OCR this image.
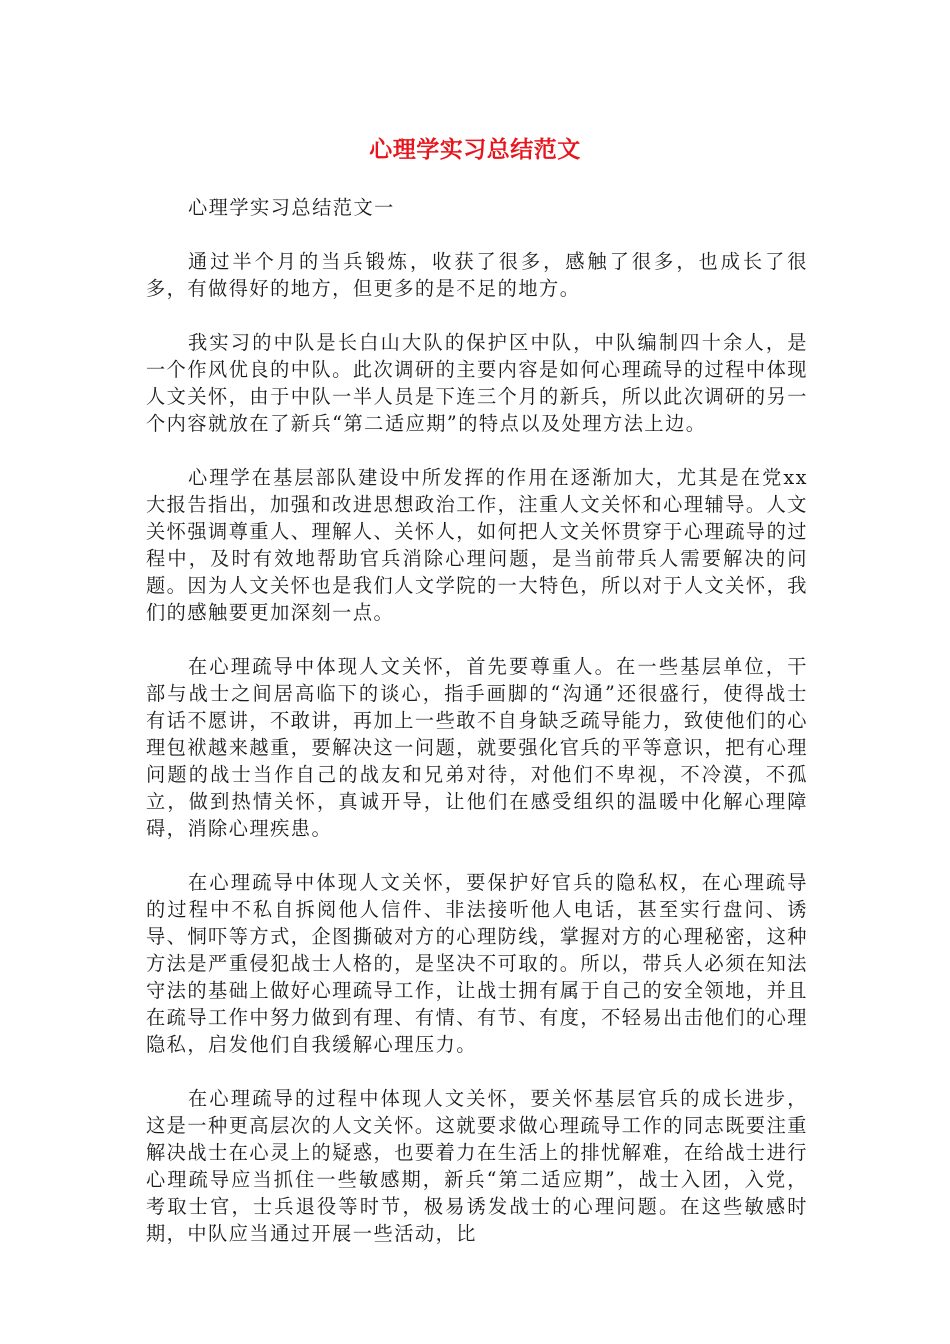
心理学实习总结范文

心理学实习总结范文一

通过半个月的当兵锻炼，收获了很多，感触了很多，也成长了很多，有做得好的地方，但更多的是不足的地方。

我实习的中队是长白山大队的保护区中队，中队编制四十余人，是一个作风优良的中队。此次调研的主要内容是如何心理疏导的过程中体现人文关怀，由于中队一半人员是下连三个月的新兵，所以此次调研的另一个内容就放在了新兵“第二适应期”的特点以及处理方法上边。

心理学在基层部队建设中所发挥的作用在逐渐加大，尤其是在党xx大报告指出，加强和改进思想政治工作，注重人文关怀和心理辅导。人文关怀强调尊重人、理解人、关怀人，如何把人文关怀贯穿于心理疏导的过程中，及时有效地帮助官兵消除心理问题，是当前带兵人需要解决的问题。因为人文关怀也是我们人文学院的一大特色，所以对于人文关怀，我们的感触要更加深刻一点。

在心理疏导中体现人文关怀，首先要尊重人。在一些基层单位，干部与战士之间居高临下的谈心，指手画脚的“沟通”还很盛行，使得战士有话不愿讲，不敢讲，再加上一些敢不自身缺乏疏导能力，致使他们的心理包袱越来越重，要解决这一问题，就要强化官兵的平等意识，把有心理问题的战士当作自己的战友和兄弟对待，对他们不卑视，不冷漠，不孤立，做到热情关怀，真诚开导，让他们在感受组织的温暖中化解心理障碍，消除心理疾患。

在心理疏导中体现人文关怀，要保护好官兵的隐私权，在心理疏导的过程中不私自拆阅他人信件、非法接听他人电话，甚至实行盘问、诱导、恫吓等方式，企图撕破对方的心理防线，掌握对方的心理秘密，这种方法是严重侵犯战士人格的，是坚决不可取的。所以，带兵人必须在知法守法的基础上做好心理疏导工作，让战士拥有属于自己的安全领地，并且在疏导工作中努力做到有理、有情、有节、有度，不轻易出击他们的心理隐私，启发他们自我缓解心理压力。

在心理疏导的过程中体现人文关怀，要关怀基层官兵的成长进步，这是一种更高层次的人文关怀。这就要求做心理疏导工作的同志既要注重解决战士在心灵上的疑惑，也要着力在生活上的排忧解难，在给战士进行心理疏导应当抓住一些敏感期，新兵“第二适应期”，战士入团，入党，考取士官，士兵退役等时节，极易诱发战士的心理问题。在这些敏感时期，中队应当通过开展一些活动，比
